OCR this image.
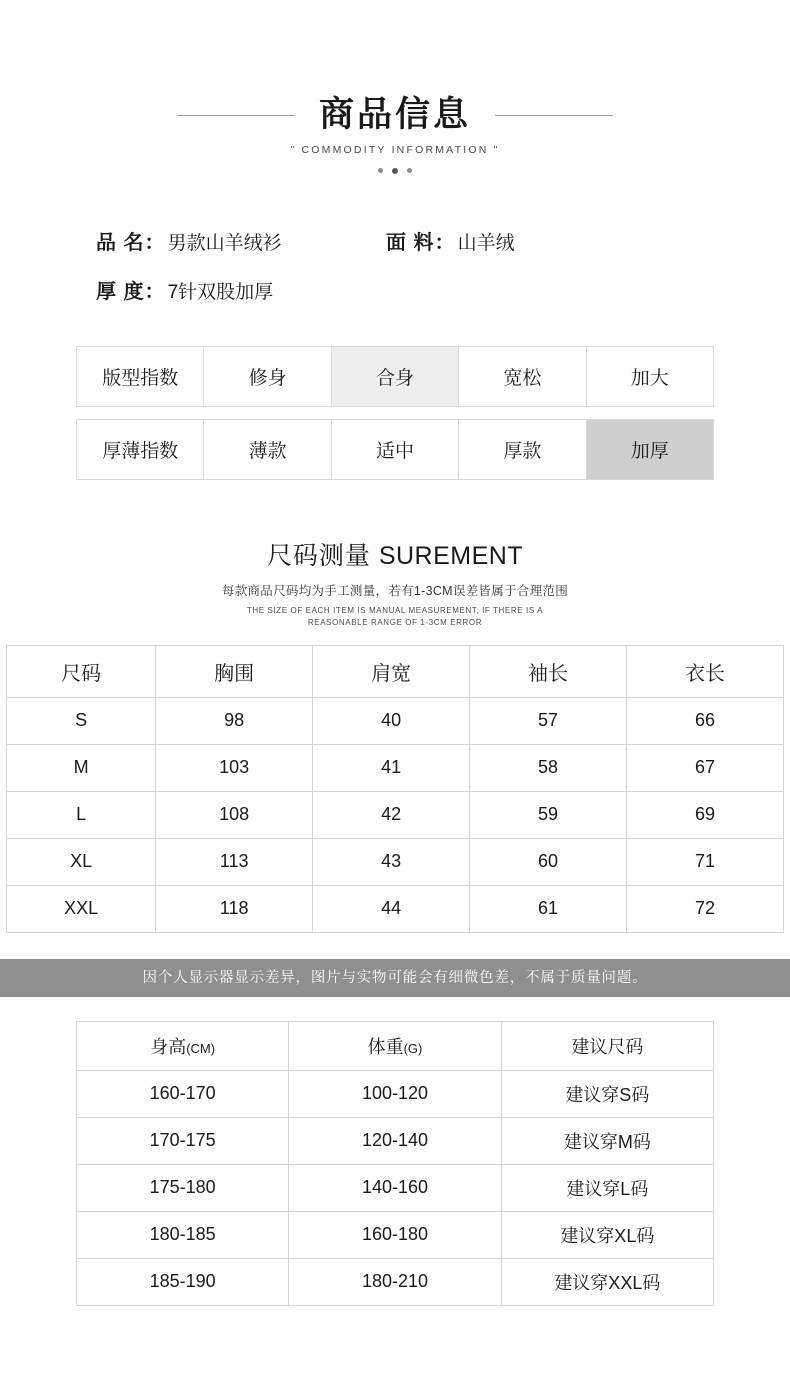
商品信息
" COMMODITY INFORMATION "
品 名： 男款山羊绒衫	面 料： 山羊绒
厚 度： 7针双股加厚
版型指数	修身	合身	宽松	加大
厚薄指数	薄款	适中	厚款	加厚
尺码测量 SUREMENT
每款商品尺码均为手工测量，若有1-3CM误差皆属于合理范围
THE SIZE OF EACH ITEM IS MANUAL MEASUREMENT, IF THERE IS A
REASONABLE RANGE OF 1-3CM ERROR
尺码	胸围	肩宽	袖长	衣长
S	98	40	57	66
M	103	41	58	67
L	108	42	59	69
XL	113	43	60	71
XXL	118	44	61	72
因个人显示器显示差异，图片与实物可能会有细微色差，不属于质量问题。
身高(CM)	体重(G)	建议尺码
160-170	100-120	建议穿S码
170-175	120-140	建议穿M码
175-180	140-160	建议穿L码
180-185	160-180	建议穿XL码
185-190	180-210	建议穿XXL码
